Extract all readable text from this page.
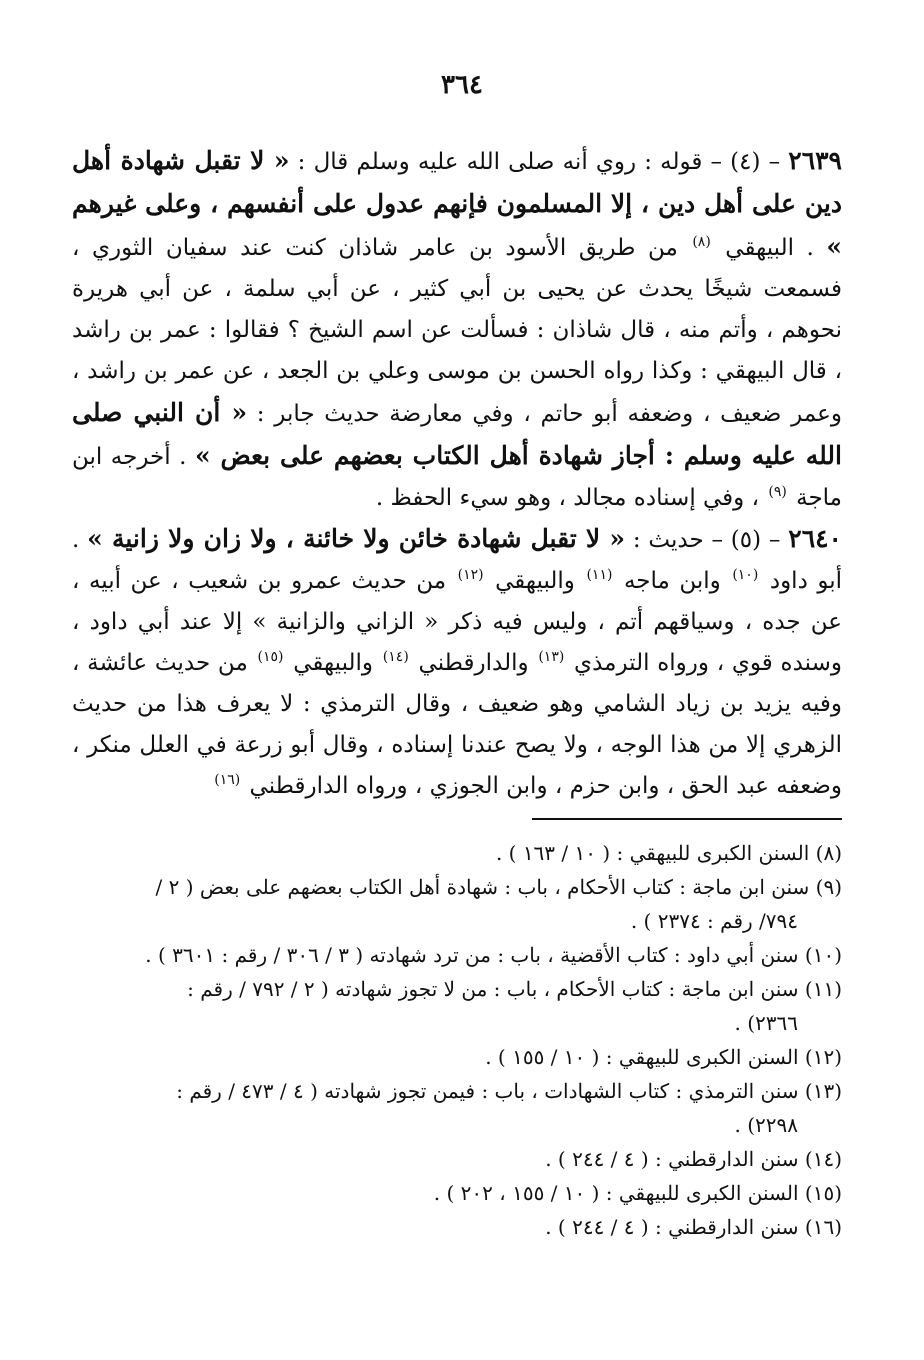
٣٦٤

٢٦٣٩ – (٤) – قوله : روي أنه صلى الله عليه وسلم قال : « لا تقبل شهادة أهل دين على أهل دين ، إلا المسلمون فإنهم عدول على أنفسهم ، وعلى غيرهم » . البيهقي $^{(٨)}$ من طريق الأسود بن عامر شاذان كنت عند سفيان الثوري ، فسمعت شيخًا يحدث عن يحيى بن أبي كثير ، عن أبي سلمة ، عن أبي هريرة نحوهم ، وأتم منه ، قال شاذان : فسألت عن اسم الشيخ ؟ فقالوا : عمر بن راشد ، قال البيهقي : وكذا رواه الحسن بن موسى وعلي بن الجعد ، عن عمر بن راشد ، وعمر ضعيف ، وضعفه أبو حاتم ، وفي معارضة حديث جابر : « أن النبي صلى الله عليه وسلم : أجاز شهادة أهل الكتاب بعضهم على بعض » . أخرجه ابن ماجة $^{(٩)}$ ، وفي إسناده مجالد ، وهو سيء الحفظ .

٢٦٤٠ – (٥) – حديث : « لا تقبل شهادة خائن ولا خائنة ، ولا زان ولا زانية » . أبو داود $^{(١٠)}$ وابن ماجه $^{(١١)}$ والبيهقي $^{(١٢)}$ من حديث عمرو بن شعيب ، عن أبيه ، عن جده ، وسياقهم أتم ، وليس فيه ذكر « الزاني والزانية » إلا عند أبي داود ، وسنده قوي ، ورواه الترمذي $^{(١٣)}$ والدارقطني $^{(١٤)}$ والبيهقي $^{(١٥)}$ من حديث عائشة ، وفيه يزيد بن زياد الشامي وهو ضعيف ، وقال الترمذي : لا يعرف هذا من حديث الزهري إلا من هذا الوجه ، ولا يصح عندنا إسناده ، وقال أبو زرعة في العلل منكر ، وضعفه عبد الحق ، وابن حزم ، وابن الجوزي ، ورواه الدارقطني $^{(١٦)}$

(٨) السنن الكبرى للبيهقي : ( ١٠ / ١٦٣ ) .
(٩) سنن ابن ماجة : كتاب الأحكام ، باب : شهادة أهل الكتاب بعضهم على بعض ( ٢ /
٧٩٤/ رقم : ٢٣٧٤ ) .
(١٠) سنن أبي داود : كتاب الأقضية ، باب : من ترد شهادته ( ٣ / ٣٠٦ / رقم : ٣٦٠١ ) .
(١١) سنن ابن ماجة : كتاب الأحكام ، باب : من لا تجوز شهادته ( ٢ / ٧٩٢ / رقم :
٢٣٦٦) .
(١٢) السنن الكبرى للبيهقي : ( ١٠ / ١٥٥ ) .
(١٣) سنن الترمذي : كتاب الشهادات ، باب : فيمن تجوز شهادته ( ٤ / ٤٧٣ / رقم :
٢٢٩٨) .
(١٤) سنن الدارقطني : ( ٤ / ٢٤٤ ) .
(١٥) السنن الكبرى للبيهقي : ( ١٠ / ١٥٥ ، ٢٠٢ ) .
(١٦) سنن الدارقطني : ( ٤ / ٢٤٤ ) .
